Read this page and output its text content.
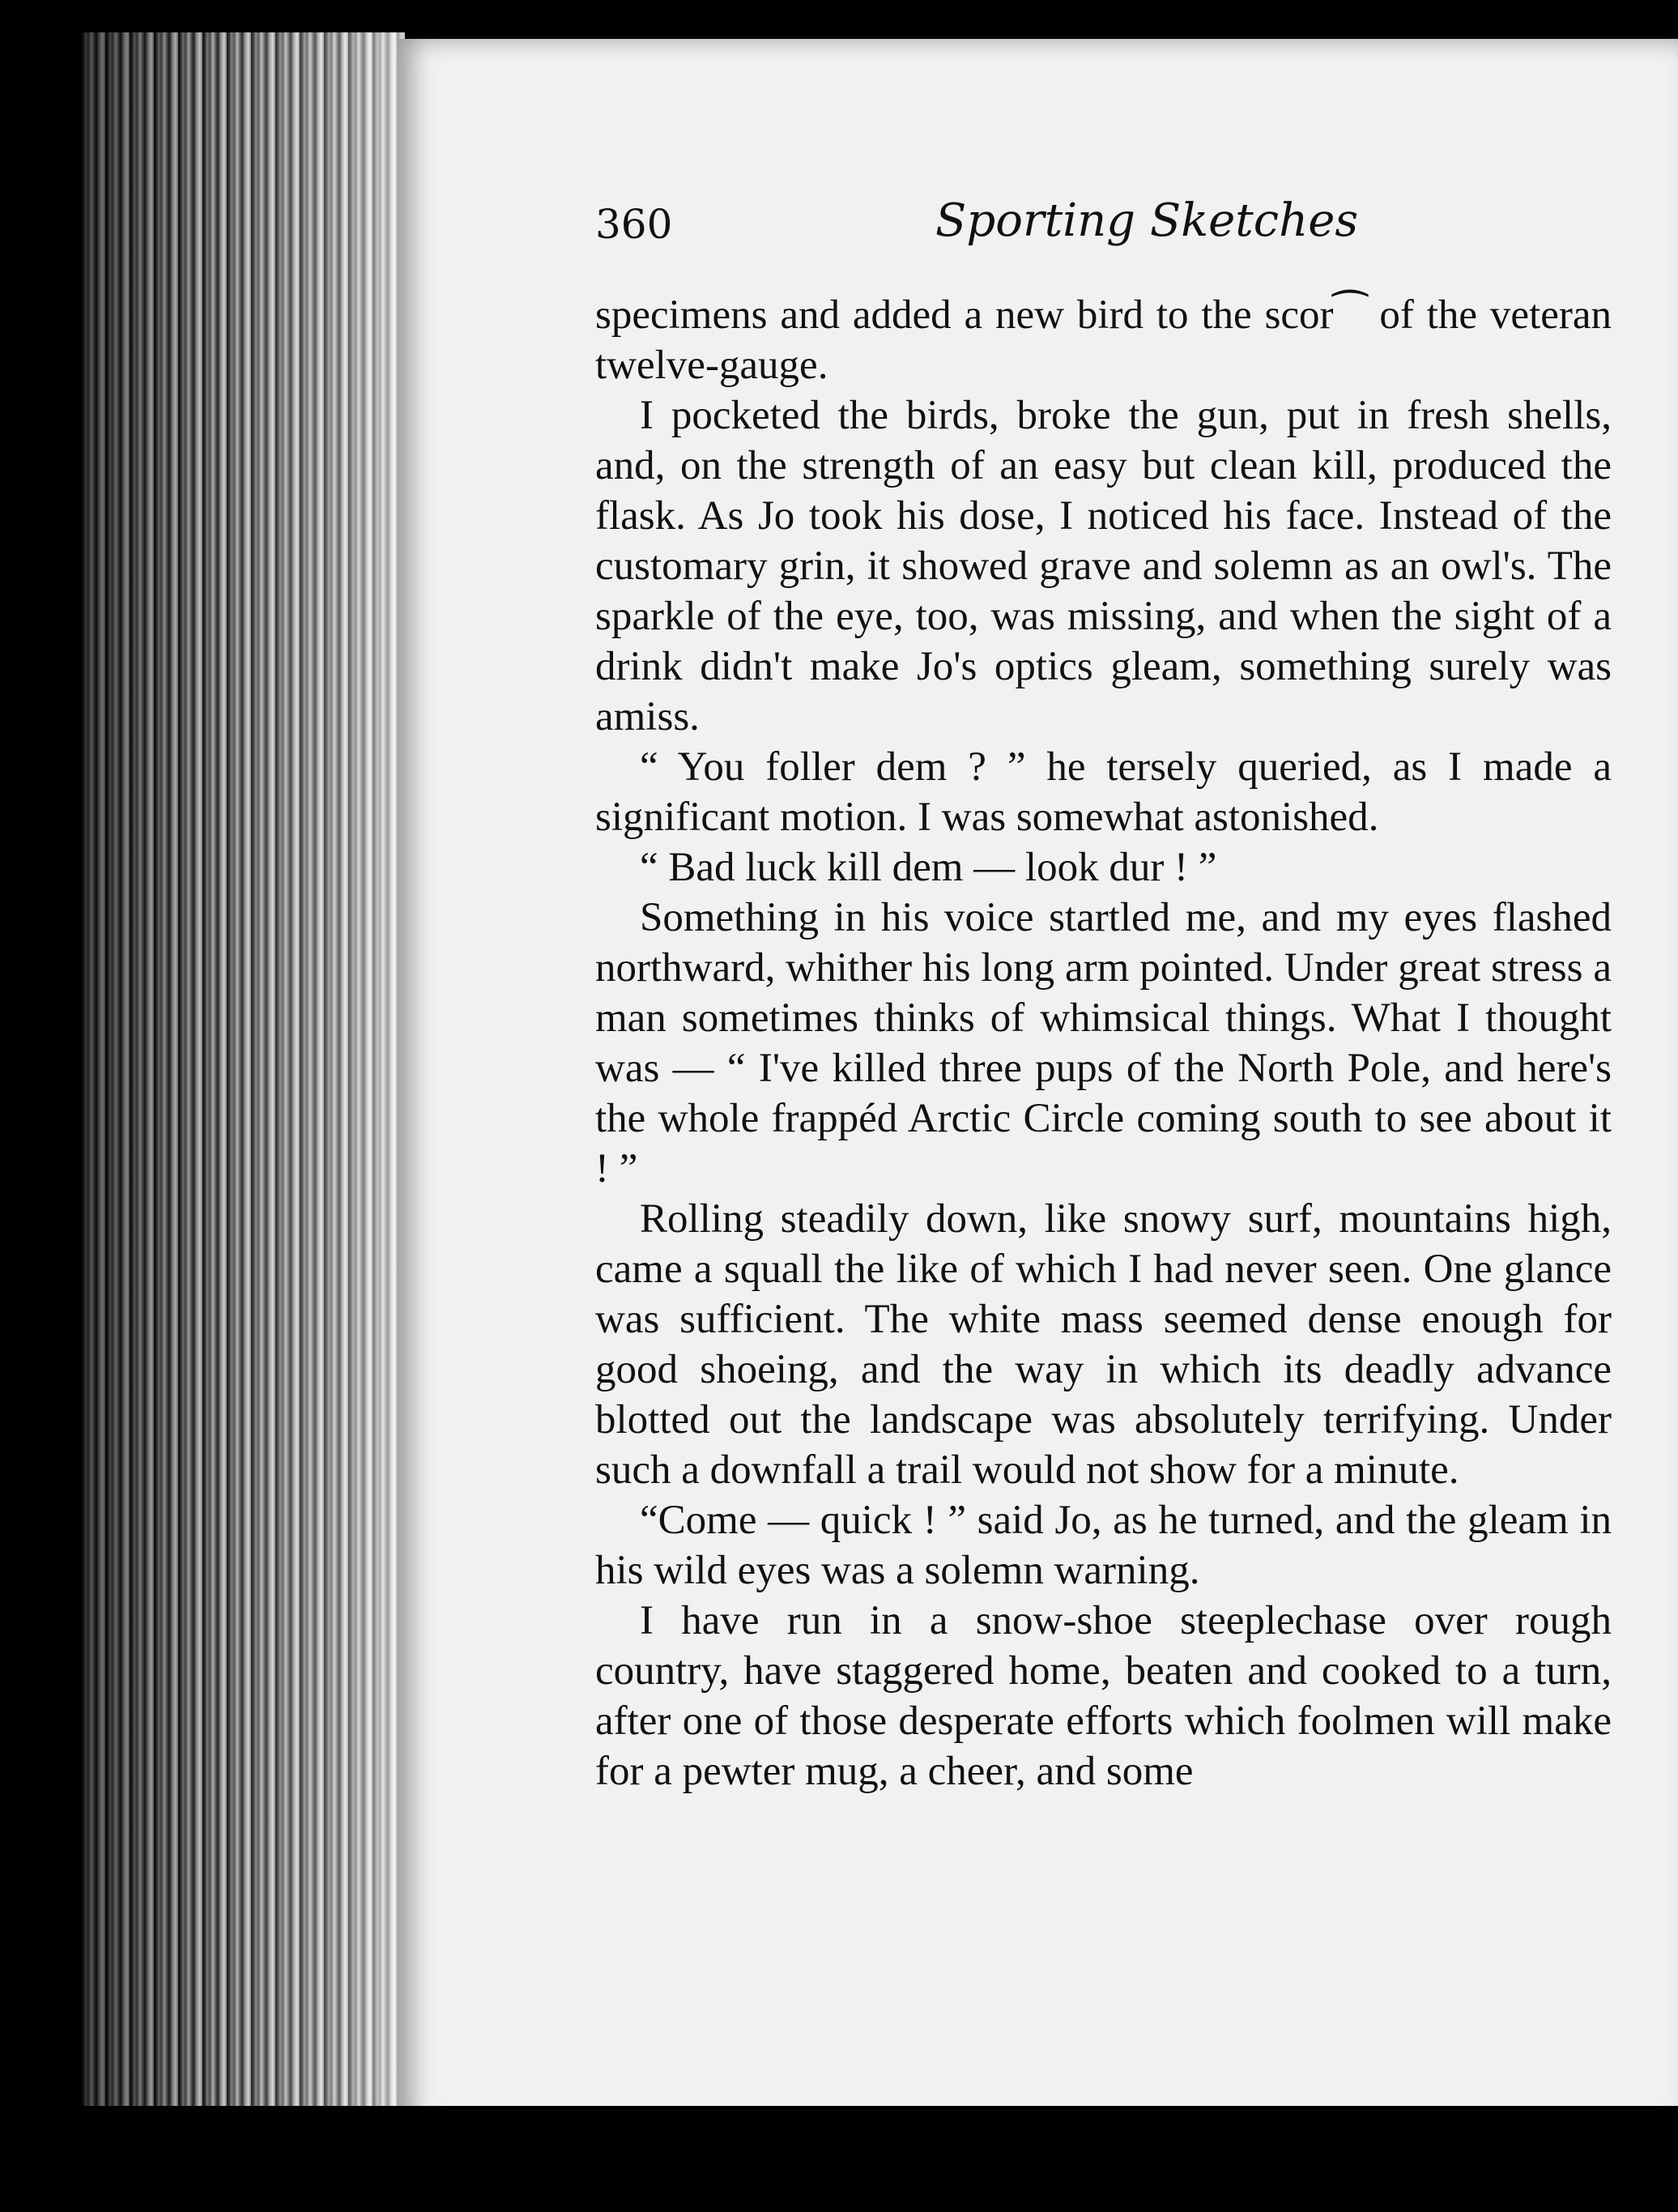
360	Sporting Sketches

specimens and added a new bird to the scor⁀ of the veteran twelve-gauge.

I pocketed the birds, broke the gun, put in fresh shells, and, on the strength of an easy but clean kill, produced the flask. As Jo took his dose, I noticed his face. Instead of the customary grin, it showed grave and solemn as an owl's. The sparkle of the eye, too, was missing, and when the sight of a drink didn't make Jo's optics gleam, something surely was amiss.

“ You foller dem ? ” he tersely queried, as I made a significant motion. I was somewhat astonished.

“ Bad luck kill dem — look dur ! ”

Something in his voice startled me, and my eyes flashed northward, whither his long arm pointed. Under great stress a man sometimes thinks of whimsical things. What I thought was — “ I've killed three pups of the North Pole, and here's the whole frappéd Arctic Circle coming south to see about it ! ”

Rolling steadily down, like snowy surf, mountains high, came a squall the like of which I had never seen. One glance was sufficient. The white mass seemed dense enough for good shoeing, and the way in which its deadly advance blotted out the landscape was absolutely terrifying. Under such a downfall a trail would not show for a minute.

“Come — quick ! ” said Jo, as he turned, and the gleam in his wild eyes was a solemn warning.

I have run in a snow-shoe steeplechase over rough country, have staggered home, beaten and cooked to a turn, after one of those desperate efforts which foolmen will make for a pewter mug, a cheer, and some
